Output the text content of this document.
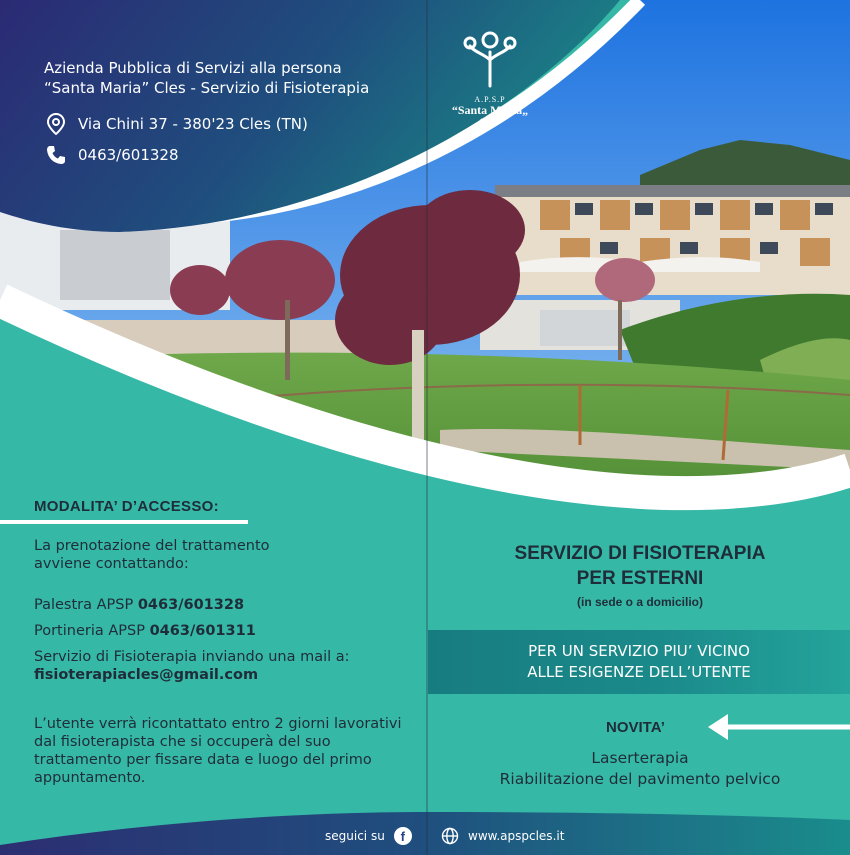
Azienda Pubblica di Servizi alla persona
“Santa Maria” Cles - Servizio di Fisioterapia
Via Chini 37 - 380'23 Cles (TN)
0463/601328
A.P.S.P
“Santa Maria„
CLES
MODALITA’ D’ACCESSO:
La prenotazione del trattamento
avviene contattando:
Palestra APSP 0463/601328
Portineria APSP 0463/601311
Servizio di Fisioterapia inviando una mail a:
fisioterapiacles@gmail.com
L’utente verrà ricontattato entro 2 giorni lavorativi
dal fisioterapista che si occuperà del suo
trattamento per fissare data e luogo del primo
appuntamento.
SERVIZIO DI FISIOTERAPIA
PER ESTERNI
(in sede o a domicilio)
PER UN SERVIZIO PIU’ VICINO
ALLE ESIGENZE DELL’UTENTE
NOVITA’
Laserterapia
Riabilitazione del pavimento pelvico
seguici su	f	www.apspcles.it
